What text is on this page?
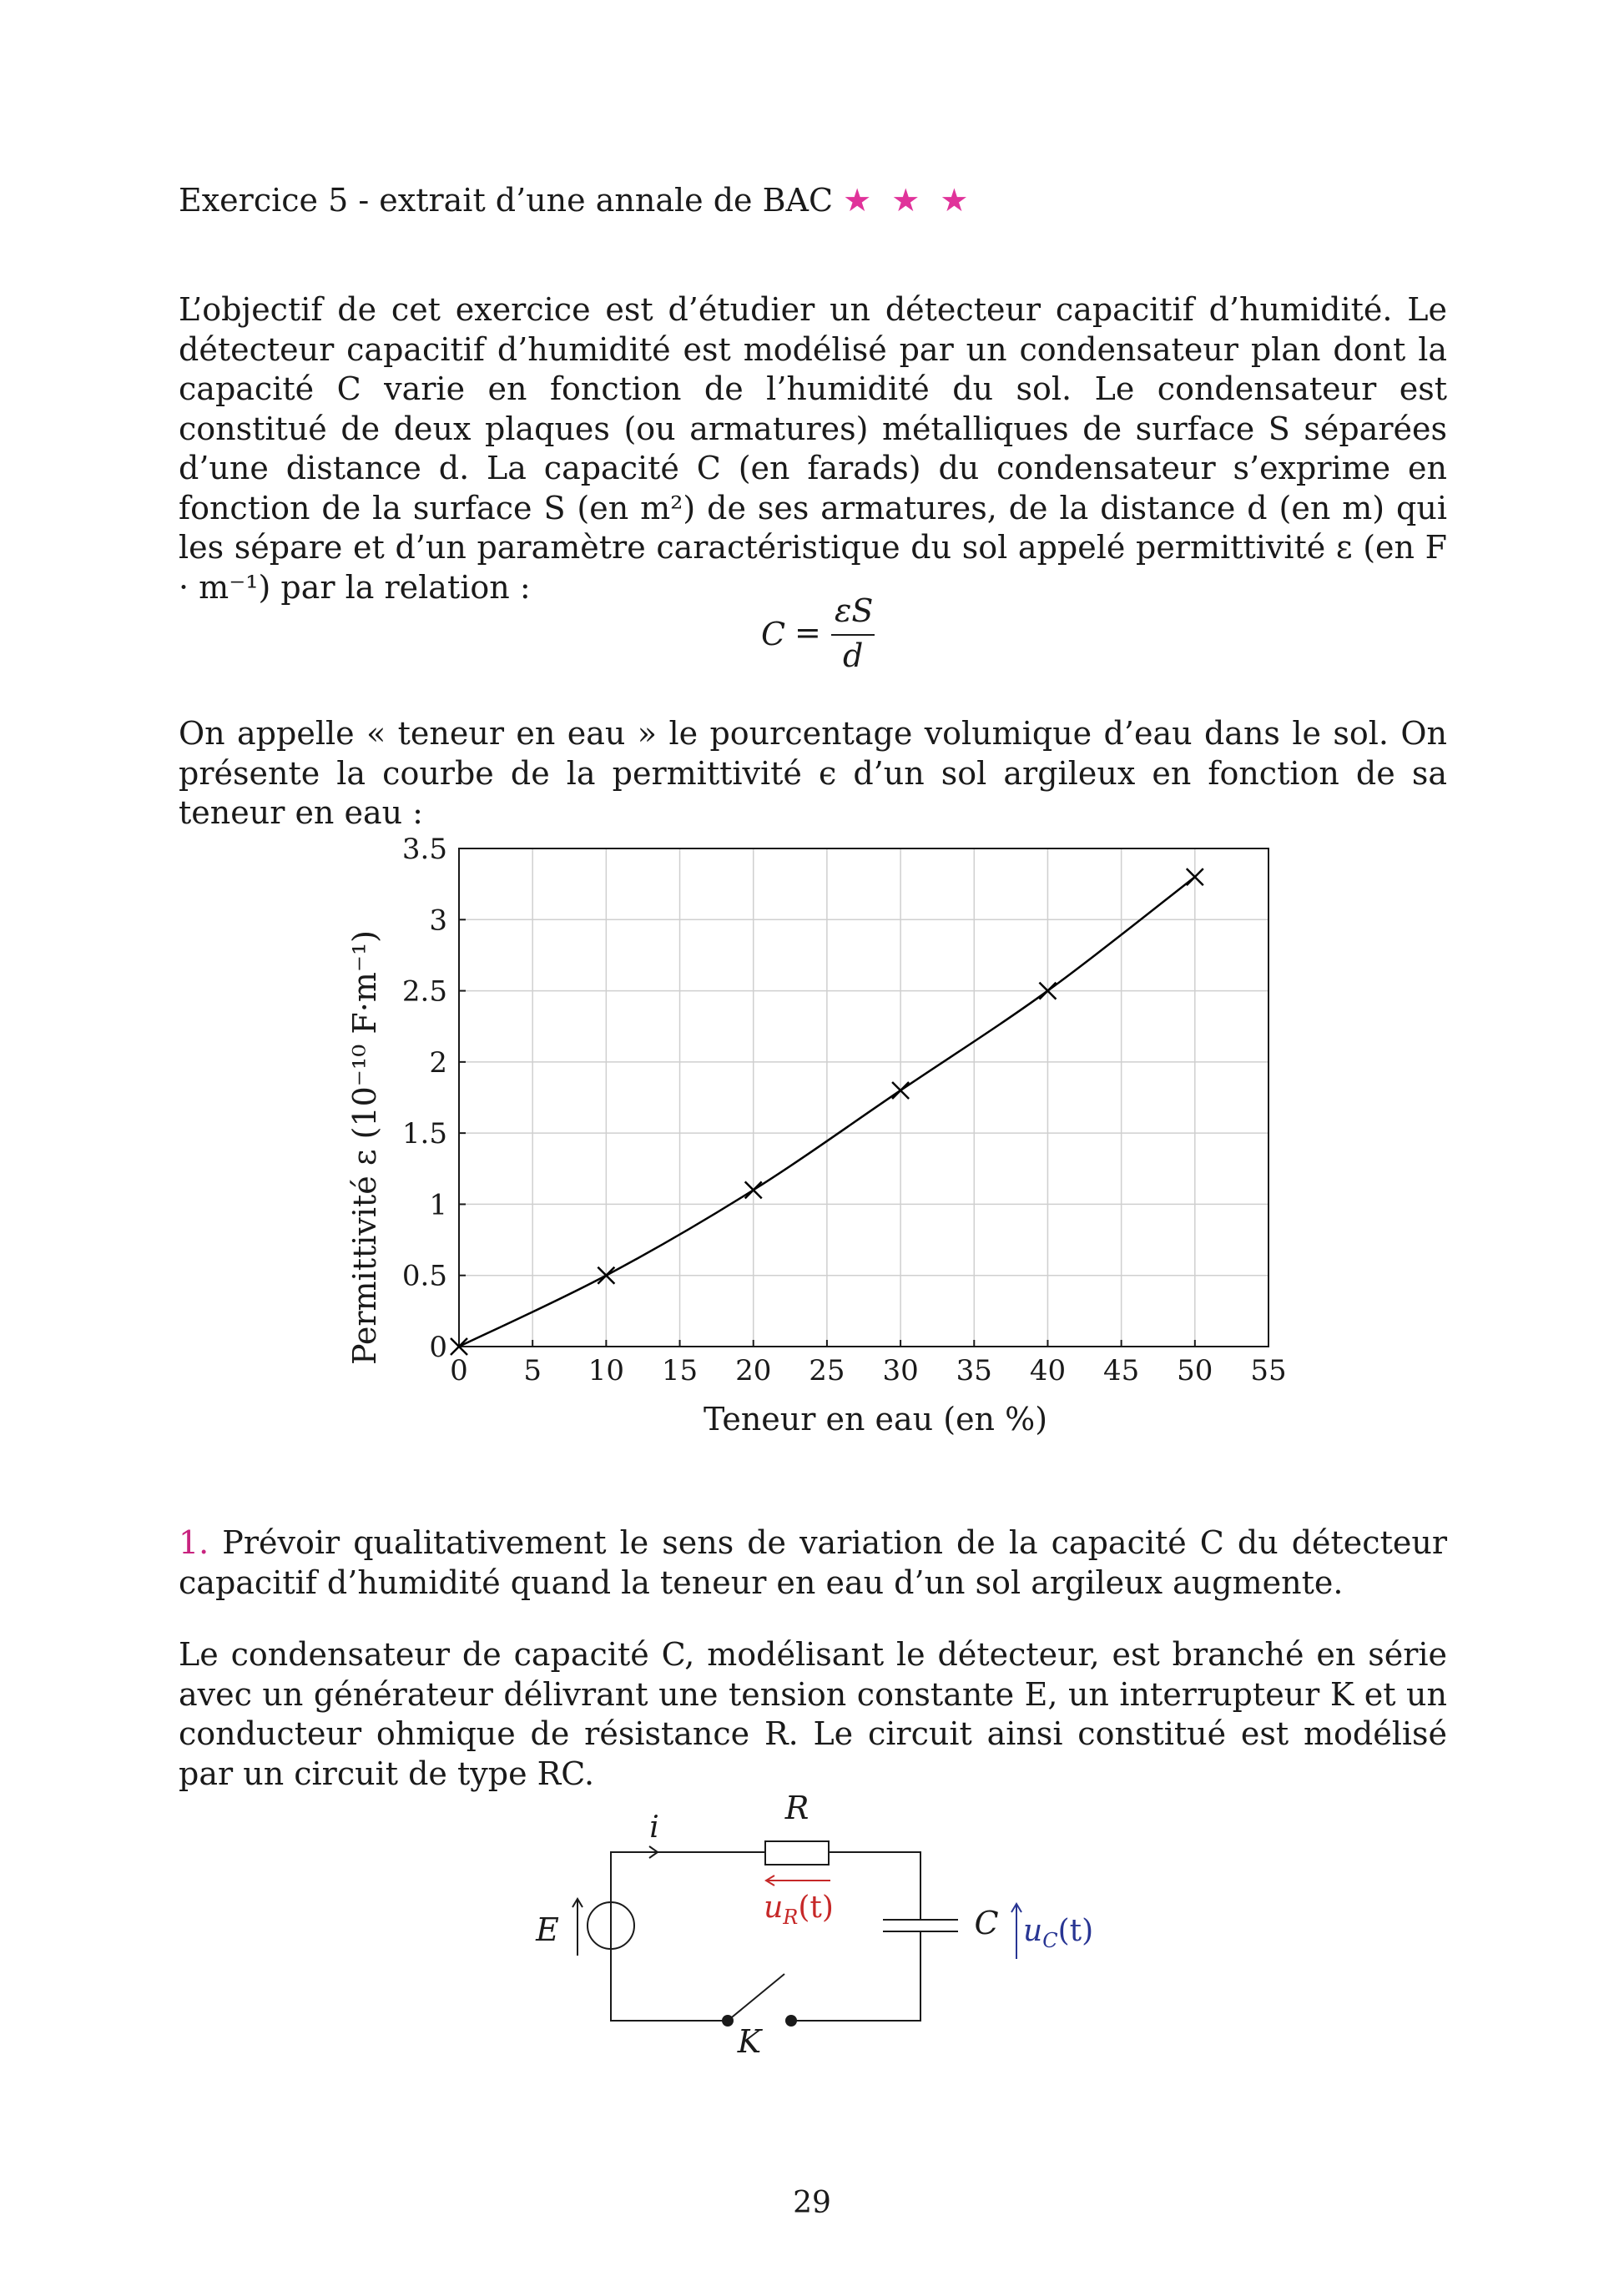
Exercice 5 - extrait d’une annale de BAC ★ ★ ★
L’objectif de cet exercice est d’étudier un détecteur capacitif d’humidité. Le détecteur capacitif d’humidité est modélisé par un condensateur plan dont la capacité C varie en fonction de l’humidité du sol. Le condensateur est constitué de deux plaques (ou armatures) métalliques de surface S séparées d’une distance d. La capacité C (en farads) du condensateur s’exprime en fonction de la surface S (en m²) de ses armatures, de la distance d (en m) qui les sépare et d’un paramètre caractéristique du sol appelé permittivité ε (en F · m⁻¹) par la relation :
C =
εS
d
On appelle « teneur en eau » le pourcentage volumique d’eau dans le sol. On présente la courbe de la permittivité ϵ d’un sol argileux en fonction de sa teneur en eau :
0 5 10 15 20 25 30 35 40 45 50 55
0
0.5
1
1.5
2
2.5
3
3.5
Teneur en eau (en %)
Permittivité ε (10⁻¹⁰ F·m⁻¹)
1. Prévoir qualitativement le sens de variation de la capacité C du détecteur capacitif d’humidité quand la teneur en eau d’un sol argileux augmente.
Le condensateur de capacité C, modélisant le détecteur, est branché en série avec un générateur délivrant une tension constante E, un interrupteur K et un conducteur ohmique de résistance R. Le circuit ainsi constitué est modélisé par un circuit de type RC.
R
i
$u_R(t)$	C $u_C(t)$
E
K
29
